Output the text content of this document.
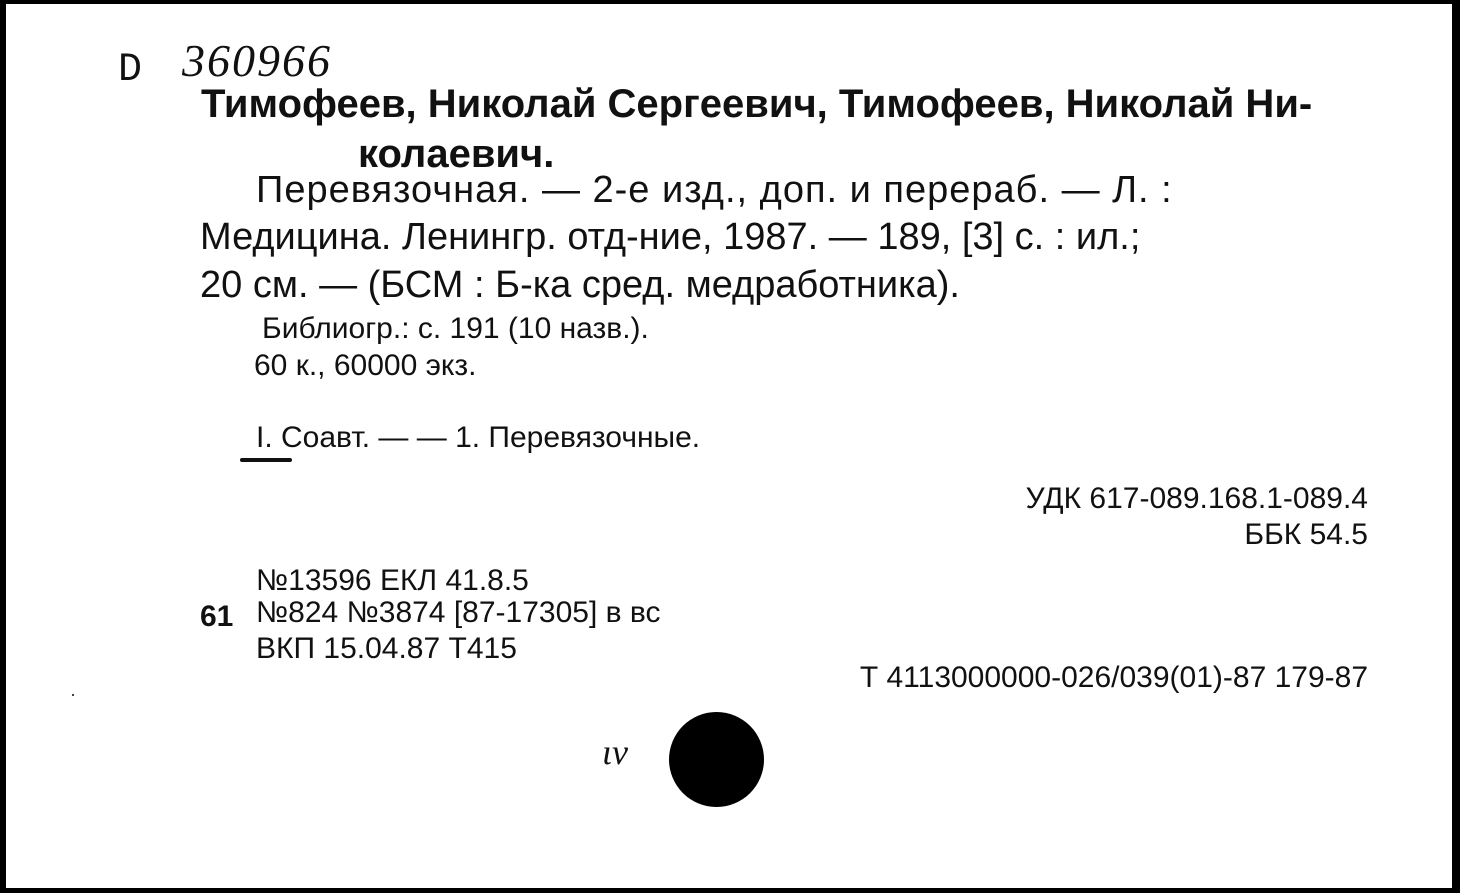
D 360966
Тимофеев, Николай Сергеевич, Тимофеев, Николай Ни-
колаевич.
Перевязочная. — 2-е изд., доп. и перераб. — Л. :
Медицина. Ленингр. отд-ние, 1987. — 189, [3] с. : ил.;
20 см. — (БСМ : Б-ка сред. медработника).
Библиогр.: с. 191 (10 назв.).
60 к., 60000 экз.
I. Соавт. — — 1. Перевязочные.
УДК 617-089.168.1-089.4
ББК 54.5
№13596 ЕКЛ 41.8.5
61 №824 №3874 [87-17305] в вс
ВКП 15.04.87 Т415
Т 4113000000-026/039(01)-87 179-87
ιν
